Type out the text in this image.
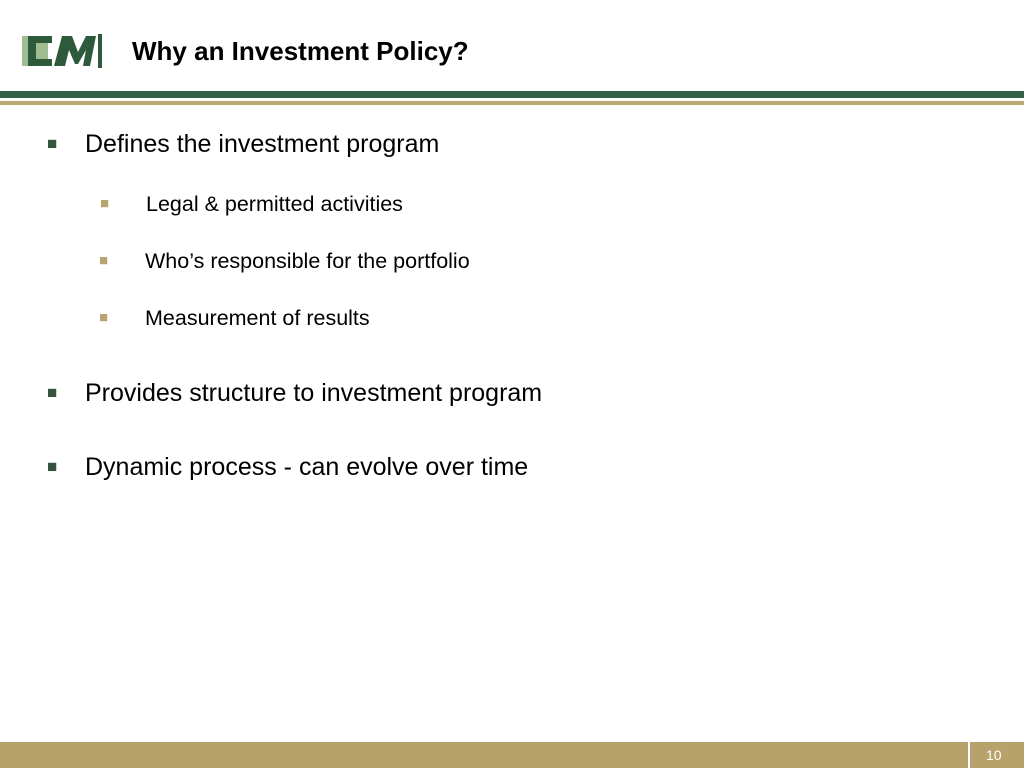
Why an Investment Policy?
■ Defines the investment program
■ Legal & permitted activities
■ Who’s responsible for the portfolio
■ Measurement of results
■ Provides structure to investment program
■ Dynamic process - can evolve over time
10
